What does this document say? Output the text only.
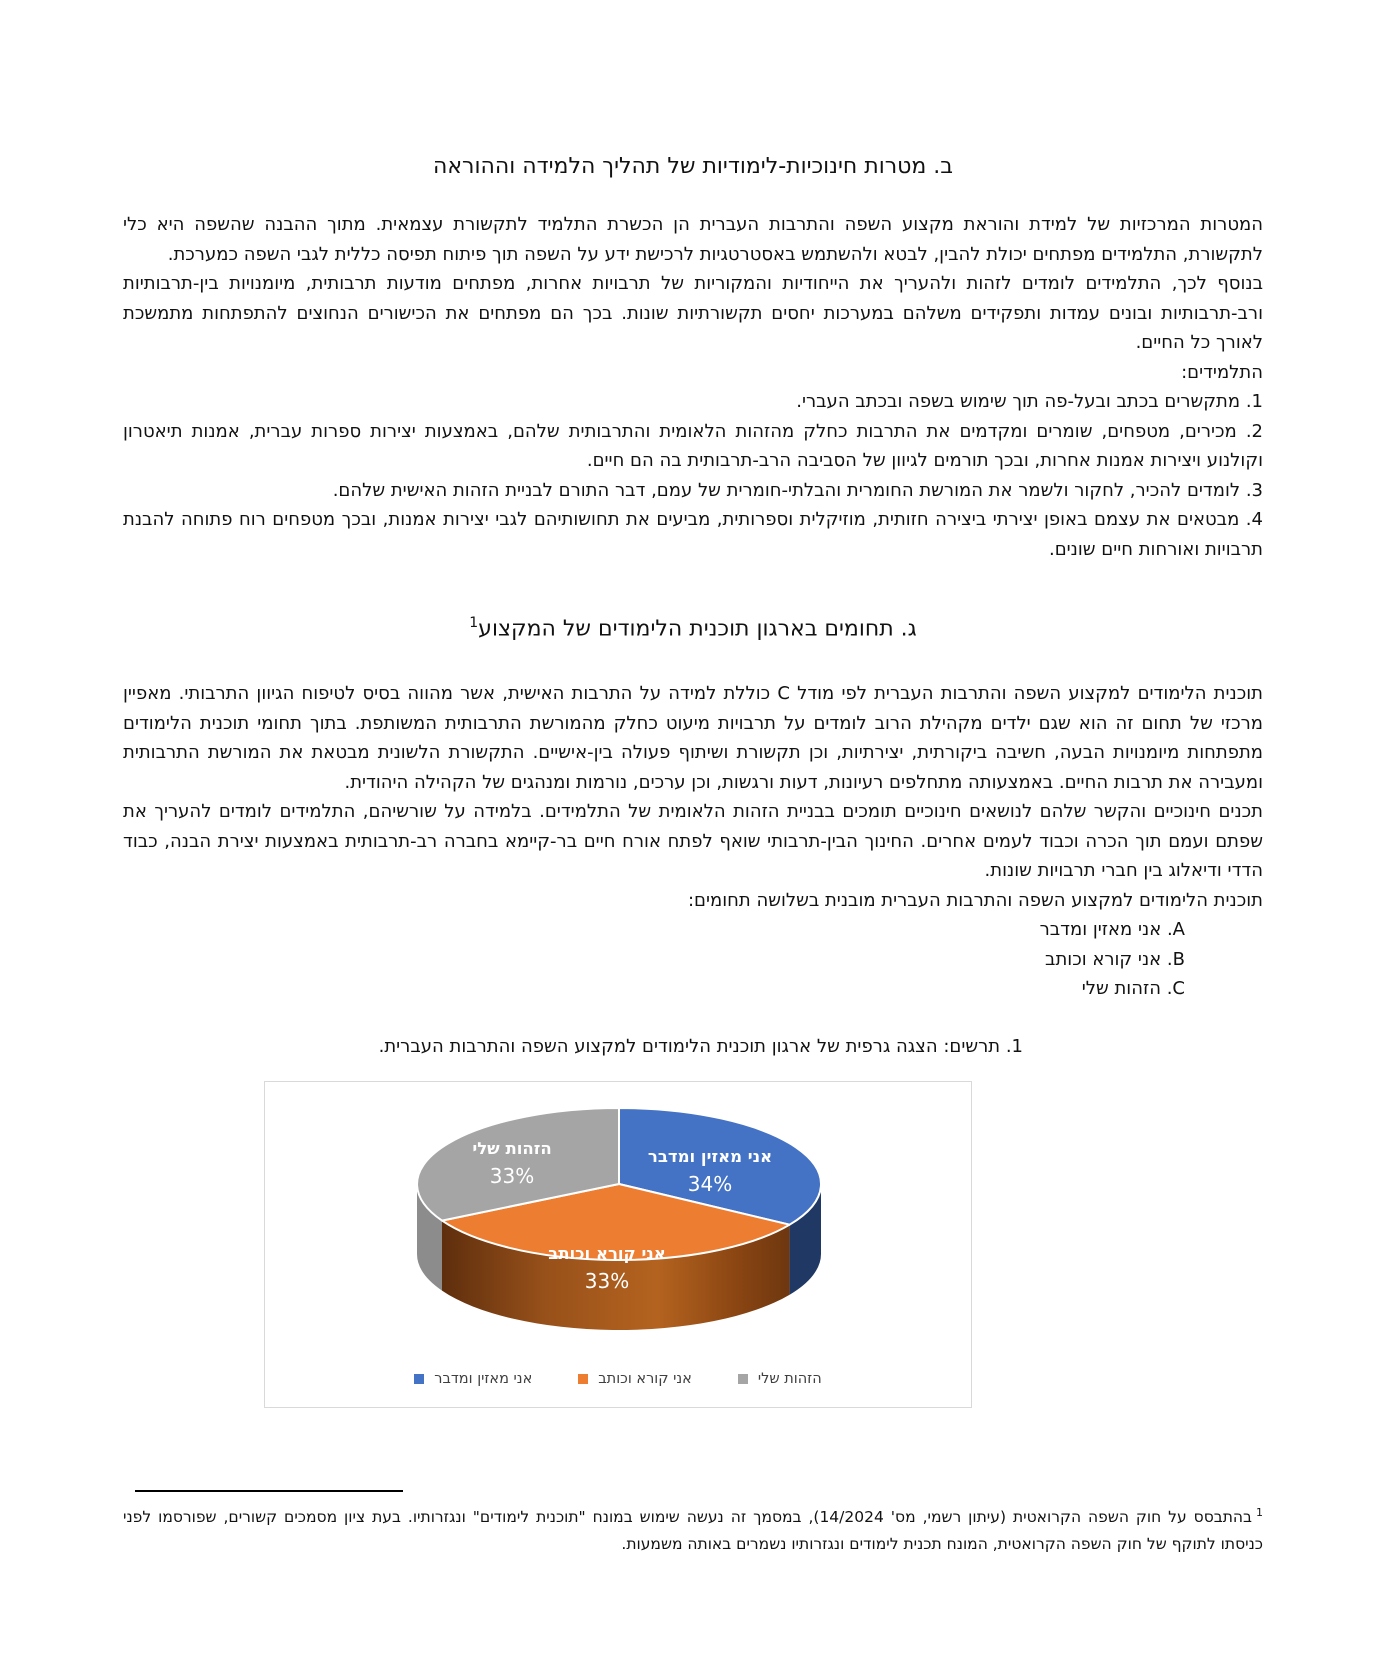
ב. מטרות חינוכיות-לימודיות של תהליך הלמידה וההוראה
המטרות המרכזיות של למידת והוראת מקצוע השפה והתרבות העברית הן הכשרת התלמיד לתקשורת עצמאית. מתוך ההבנה שהשפה היא כלי לתקשורת, התלמידים מפתחים יכולת להבין, לבטא ולהשתמש באסטרטגיות לרכישת ידע על השפה תוך פיתוח תפיסה כללית לגבי השפה כמערכת.
בנוסף לכך, התלמידים לומדים לזהות ולהעריך את הייחודיות והמקוריות של תרבויות אחרות, מפתחים מודעות תרבותית, מיומנויות בין-תרבותיות ורב-תרבותיות ובונים עמדות ותפקידים משלהם במערכות יחסים תקשורתיות שונות. בכך הם מפתחים את הכישורים הנחוצים להתפתחות מתמשכת לאורך כל החיים.
התלמידים:
1. מתקשרים בכתב ובעל-פה תוך שימוש בשפה ובכתב העברי.
2. מכירים, מטפחים, שומרים ומקדמים את התרבות כחלק מהזהות הלאומית והתרבותית שלהם, באמצעות יצירות ספרות עברית, אמנות תיאטרון וקולנוע ויצירות אמנות אחרות, ובכך תורמים לגיוון של הסביבה הרב-תרבותית בה הם חיים.
3. לומדים להכיר, לחקור ולשמר את המורשת החומרית והבלתי-חומרית של עמם, דבר התורם לבניית הזהות האישית שלהם.
4. מבטאים את עצמם באופן יצירתי ביצירה חזותית, מוזיקלית וספרותית, מביעים את תחושותיהם לגבי יצירות אמנות, ובכך מטפחים רוח פתוחה להבנת תרבויות ואורחות חיים שונים.
ג. תחומים בארגון תוכנית הלימודים של המקצוע$^1$
תוכנית הלימודים למקצוע השפה והתרבות העברית לפי מודל C כוללת למידה על התרבות האישית, אשר מהווה בסיס לטיפוח הגיוון התרבותי. מאפיין מרכזי של תחום זה הוא שגם ילדים מקהילת הרוב לומדים על תרבויות מיעוט כחלק מהמורשת התרבותית המשותפת. בתוך תחומי תוכנית הלימודים מתפתחות מיומנויות הבעה, חשיבה ביקורתית, יצירתיות, וכן תקשורת ושיתוף פעולה בין-אישיים. התקשורת הלשונית מבטאת את המורשת התרבותית ומעבירה את תרבות החיים. באמצעותה מתחלפים רעיונות, דעות ורגשות, וכן ערכים, נורמות ומנהגים של הקהילה היהודית.
תכנים חינוכיים והקשר שלהם לנושאים חינוכיים תומכים בבניית הזהות הלאומית של התלמידים. בלמידה על שורשיהם, התלמידים לומדים להעריך את שפתם ועמם תוך הכרה וכבוד לעמים אחרים. החינוך הבין-תרבותי שואף לפתח אורח חיים בר-קיימא בחברה רב-תרבותית באמצעות יצירת הבנה, כבוד הדדי ודיאלוג בין חברי תרבויות שונות.
תוכנית הלימודים למקצוע השפה והתרבות העברית מובנית בשלושה תחומים:
A. אני מאזין ומדבר
B. אני קורא וכותב
C. הזהות שלי
1. תרשים: הצגה גרפית של ארגון תוכנית הלימודים למקצוע השפה והתרבות העברית.
אני מאזין ומדבר
34%
הזהות שלי
33%
אני קורא וכותב
33%
אני מאזין ומדבר	אני קורא וכותב	הזהות שלי
$^1$בהתבסס על חוק השפה הקרואטית (עיתון רשמי, מס' 14/2024), במסמך זה נעשה שימוש במונח "תוכנית לימודים" ונגזרותיו. בעת ציון מסמכים קשורים, שפורסמו לפני כניסתו לתוקף של חוק השפה הקרואטית, המונח תכנית לימודים ונגזרותיו נשמרים באותה משמעות.
